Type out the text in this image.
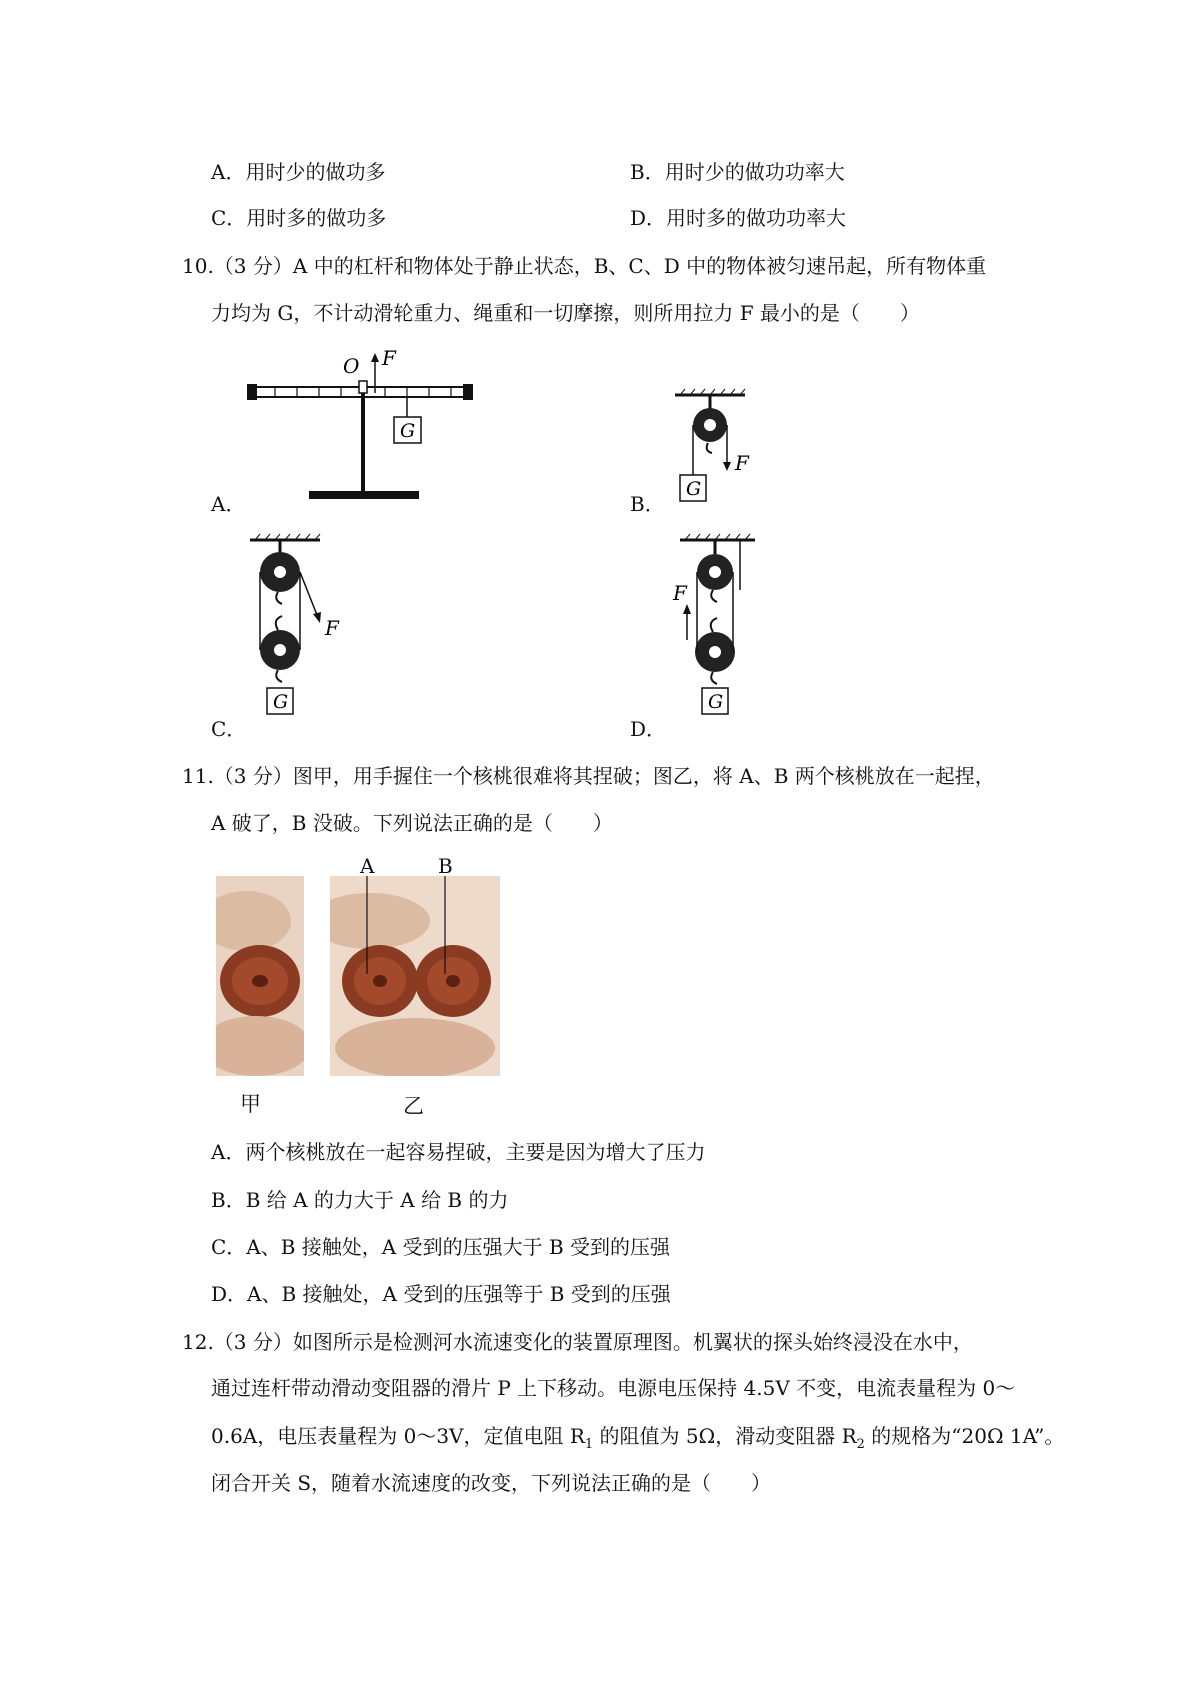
A．用时少的做功多	B．用时少的做功功率大
C．用时多的做功多	D．用时多的做功功率大
10.（3 分）A 中的杠杆和物体处于静止状态，B、C、D 中的物体被匀速吊起，所有物体重
力均为 G，不计动滑轮重力、绳重和一切摩擦，则所用拉力 F 最小的是（　　）
O F
G
A．
F
G
B．
F
G
C．
F
G
D．
11.（3 分）图甲，用手握住一个核桃很难将其捏破；图乙，将 A、B 两个核桃放在一起捏，
A 破了，B 没破。下列说法正确的是（　　）
A	B
甲	乙
A．两个核桃放在一起容易捏破，主要是因为增大了压力
B．B 给 A 的力大于 A 给 B 的力
C．A、B 接触处，A 受到的压强大于 B 受到的压强
D．A、B 接触处，A 受到的压强等于 B 受到的压强
12.（3 分）如图所示是检测河水流速变化的装置原理图。机翼状的探头始终浸没在水中，
通过连杆带动滑动变阻器的滑片 P 上下移动。电源电压保持 4.5V 不变，电流表量程为 0～
0.6A，电压表量程为 0～3V，定值电阻 $R_1$ 的阻值为 5Ω，滑动变阻器 $R_2$ 的规格为“20Ω 1A”。
闭合开关 S，随着水流速度的改变，下列说法正确的是（　　）
